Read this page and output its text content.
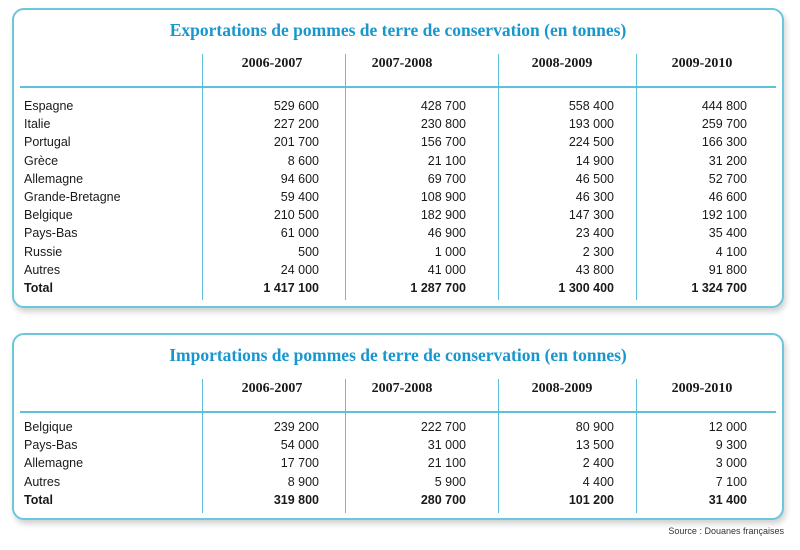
Exportations de pommes de terre de conservation (en tonnes)
2006-2007	2007-2008	2008-2009	2009-2010
Espagne	529 600	428 700	558 400	444 800
Italie	227 200	230 800	193 000	259 700
Portugal	201 700	156 700	224 500	166 300
Grèce	8 600	21 100	14 900	31 200
Allemagne	94 600	69 700	46 500	52 700
Grande-Bretagne	59 400	108 900	46 300	46 600
Belgique	210 500	182 900	147 300	192 100
Pays-Bas	61 000	46 900	23 400	35 400
Russie	500	1 000	2 300	4 100
Autres	24 000	41 000	43 800	91 800
Total	1 417 100	1 287 700	1 300 400	1 324 700
Importations de pommes de terre de conservation (en tonnes)
2006-2007	2007-2008	2008-2009	2009-2010
Belgique	239 200	222 700	80 900	12 000
Pays-Bas	54 000	31 000	13 500	9 300
Allemagne	17 700	21 100	2 400	3 000
Autres	8 900	5 900	4 400	7 100
Total	319 800	280 700	101 200	31 400
Source : Douanes françaises
